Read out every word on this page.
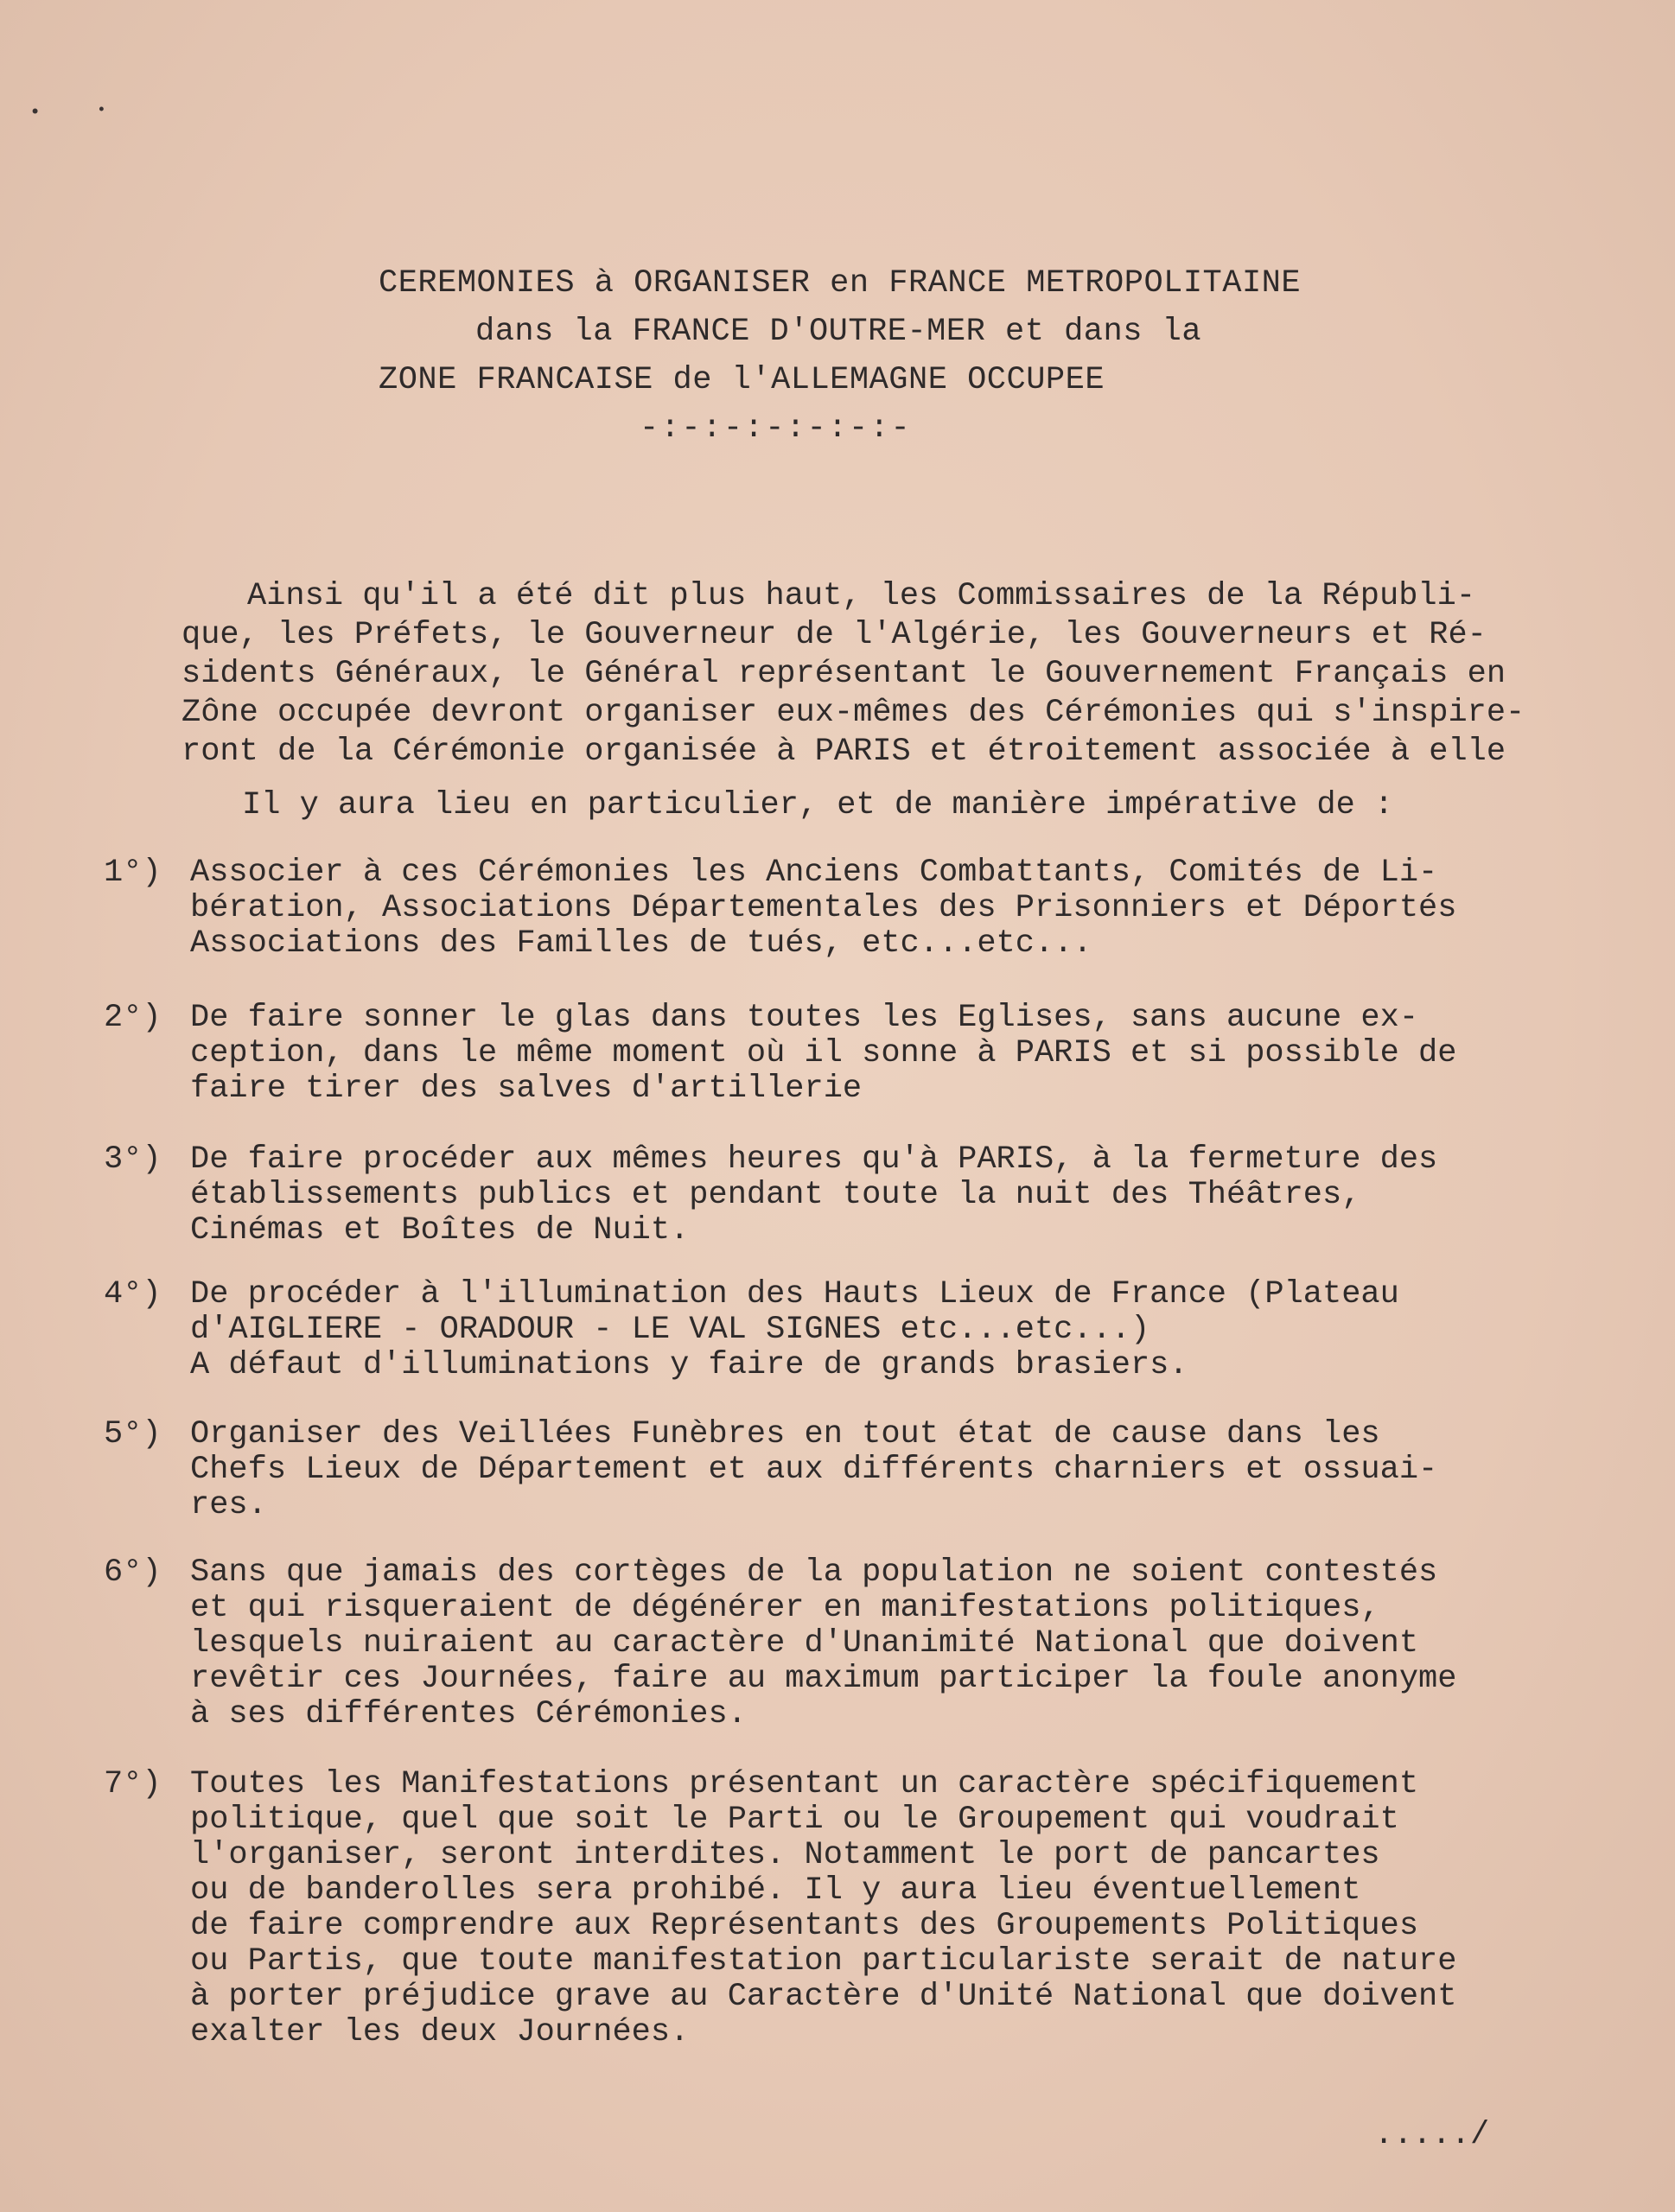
•	•
CEREMONIES à ORGANISER en FRANCE METROPOLITAINE
dans la FRANCE D'OUTRE-MER et dans la
ZONE FRANCAISE de l'ALLEMAGNE OCCUPEE
-:-:-:-:-:-:-

Ainsi qu'il a été dit plus haut, les Commissaires de la Républi-
que, les Préfets, le Gouverneur de l'Algérie, les Gouverneurs et Ré-
sidents Généraux, le Général représentant le Gouvernement Français en
Zône occupée devront organiser eux-mêmes des Cérémonies qui s'inspire-
ront de la Cérémonie organisée à PARIS et étroitement associée à elle

Il y aura lieu en particulier, et de manière impérative de :
1°) Associer à ces Cérémonies les Anciens Combattants, Comités de Li-
bération, Associations Départementales des Prisonniers et Déportés
Associations des Familles de tués, etc...etc...
2°) De faire sonner le glas dans toutes les Eglises, sans aucune ex-
ception, dans le même moment où il sonne à PARIS et si possible de
faire tirer des salves d'artillerie
3°) De faire procéder aux mêmes heures qu'à PARIS, à la fermeture des
établissements publics et pendant toute la nuit des Théâtres,
Cinémas et Boîtes de Nuit.
4°) De procéder à l'illumination des Hauts Lieux de France (Plateau
d'AIGLIERE - ORADOUR - LE VAL SIGNES etc...etc...)
A défaut d'illuminations y faire de grands brasiers.
5°) Organiser des Veillées Funèbres en tout état de cause dans les
Chefs Lieux de Département et aux différents charniers et ossuai-
res.
6°) Sans que jamais des cortèges de la population ne soient contestés
et qui risqueraient de dégénérer en manifestations politiques,
lesquels nuiraient au caractère d'Unanimité National que doivent
revêtir ces Journées, faire au maximum participer la foule anonyme
à ses différentes Cérémonies.
7°) Toutes les Manifestations présentant un caractère spécifiquement
politique, quel que soit le Parti ou le Groupement qui voudrait
l'organiser, seront interdites. Notamment le port de pancartes
ou de banderolles sera prohibé. Il y aura lieu éventuellement
de faire comprendre aux Représentants des Groupements Politiques
ou Partis, que toute manifestation particulariste serait de nature
à porter préjudice grave au Caractère d'Unité National que doivent
exalter les deux Journées.
...../
